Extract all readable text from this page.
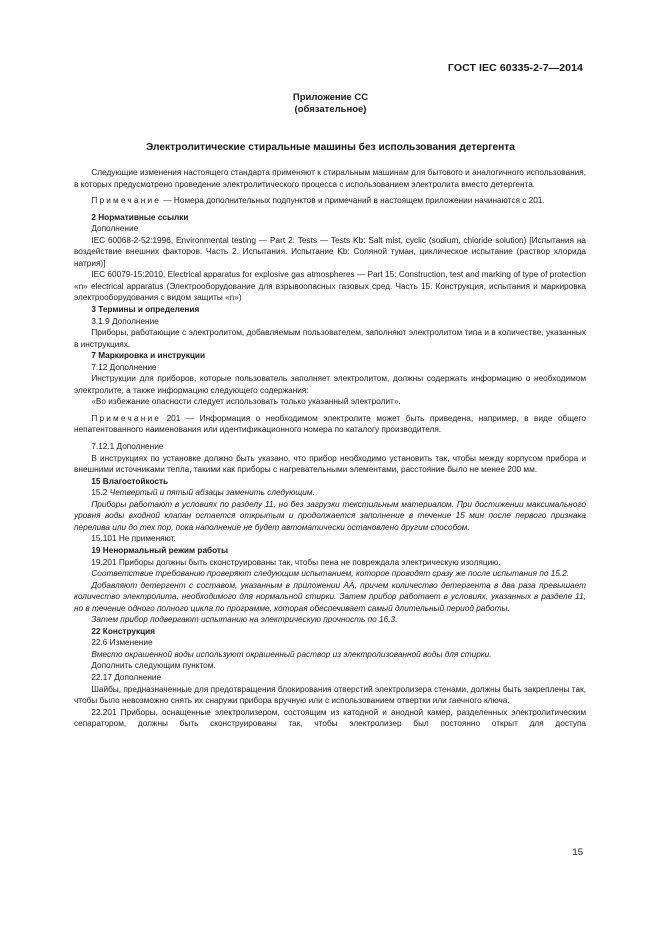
ГОСТ IEC 60335-2-7—2014
Приложение СС
(обязательное)
Электролитические стиральные машины без использования детергента

Следующие изменения настоящего стандарта применяют к стиральным машинам для бытового и аналогичного использования, в которых предусмотрено проведение электролитического процесса с использованием электролита вместо детергента.

Примечание — Номера дополнительных подпунктов и примечаний в настоящем приложении начинаются с 201.

2 Нормативные ссылки

Дополнение

IEC 60068-2-52:1996, Environmental testing — Part 2: Tests — Tests Kb: Salt mist, cyclic (sodium, chloride solution) [Испытания на воздействие внешних факторов. Часть 2. Испытания. Испытание Kb: Соляной туман, циклическое испытание (раствор хлорида натрия)]

IEC 60079-15:2010, Electrical apparatus for explosive gas atmospheres — Part 15: Construction, test and marking of type of protection «n» electrical apparatus (Электрооборудование для взрывоопасных газовых сред. Часть 15. Конструкция, испытания и маркировка электрооборудования с видом защиты «n»)

3 Термины и определения

3.1.9 Дополнение

Приборы, работающие с электролитом, добавляемым пользователем, заполняют электролитом типа и в количестве, указанных в инструкциях.

7 Маркировка и инструкции

7.12 Дополнение

Инструкции для приборов, которые пользователь заполняет электролитом, должны содержать информацию о необходимом электролите, а также информацию следующего содержания:

«Во избежание опасности следует использовать только указанный электролит».

Примечание 201 — Информация о необходимом электролите может быть приведена, например, в виде общего непатентованного наименования или идентификационного номера по каталогу производителя.

7.12.1 Дополнение

В инструкциях по установке должно быть указано, что прибор необходимо установить так, чтобы между корпусом прибора и внешними источниками тепла, такими как приборы с нагревательными элементами, расстояние было не менее 200 мм.

15 Влагостойкость

15.2 Четвертый и пятый абзацы заменить следующим.

Приборы работают в условиях по разделу 11, но без загрузки текстильным материалом. При достижении максимального уровня воды входной клапан остается открытым и продолжается заполнение в течение 15 мин после первого признака перелива или до тех пор, пока наполнение не будет автоматически остановлено другим способом.

15.101 Не применяют.

19 Ненормальный режим работы

19.201 Приборы должны быть сконструированы так, чтобы пена не повреждала электрическую изоляцию.

Соответствие требованию проверяют следующим испытанием, которое проводят сразу же после испытания по 15.2.

Добавляют детергент с составом, указанным в приложении АА, причем количество детергента в два раза превышает количество электролита, необходимого для нормальной стирки. Затем прибор работает в условиях, указанных в разделе 11, но в течение одного полного цикла по программе, которая обеспечивает самый длительный период работы.

Затем прибор подвергают испытанию на электрическую прочность по 16.3.

22 Конструкция

22.6 Изменение

Вместо окрашенной воды используют окрашенный раствор из электролизованной воды для стирки.

Дополнить следующим пунктом.

22.17 Дополнение

Шайбы, предназначенные для предотвращения блокирования отверстий электролизера стенами, должны быть закреплены так, чтобы было невозможно снять их снаружи прибора вручную или с использованием отвертки или гаечного ключа.

22.201 Приборы, оснащенные электролизером, состоящим из катодной и анодной камер, разделенных электролитическим сепаратором, должны быть сконструированы так, чтобы электролизер был постоянно открыт для доступа

15
